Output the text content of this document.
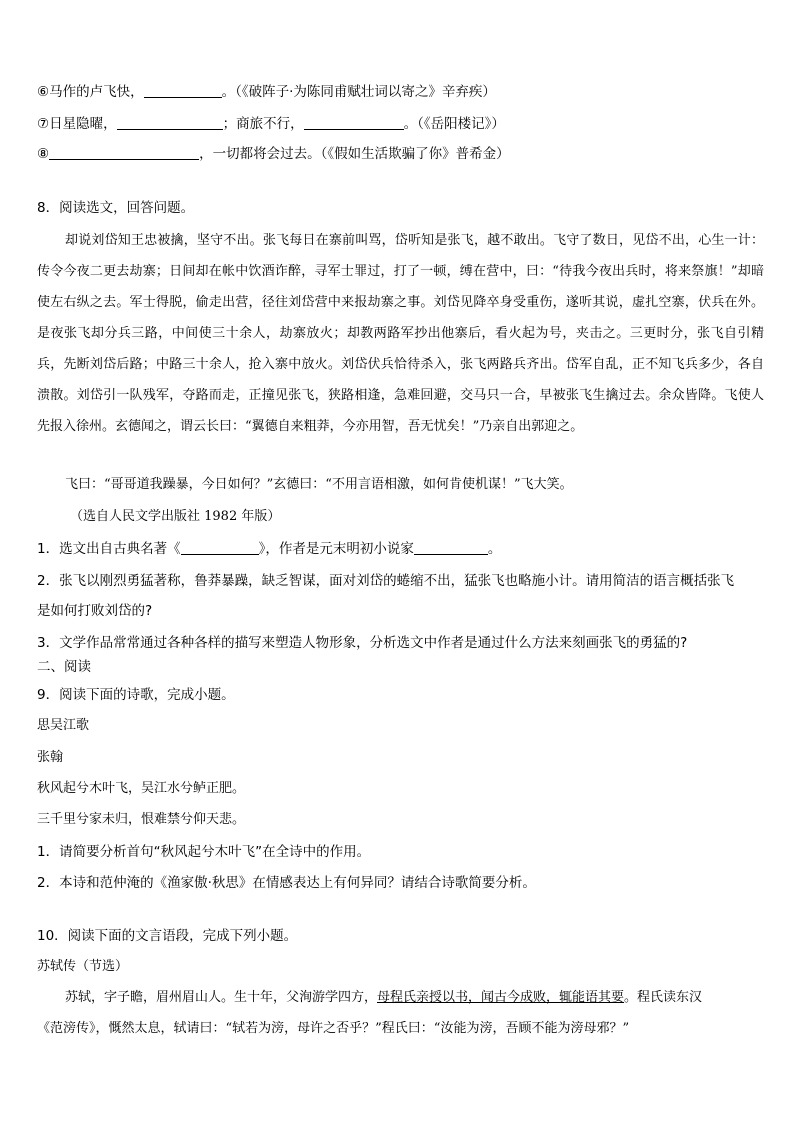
⑥马作的卢飞快，	。（《破阵子·为陈同甫赋壮词以寄之》辛弃疾）
⑦日星隐曜，	；商旅不行，	。（《岳阳楼记》）
⑧	，一切都将会过去。（《假如生活欺骗了你》普希金）
8．阅读选文，回答问题。
却说刘岱知王忠被擒，坚守不出。张飞每日在寨前叫骂，岱听知是张飞，越不敢出。飞守了数日，见岱不出，心生一计：传令今夜二更去劫寨；日间却在帐中饮酒诈醉，寻军士罪过，打了一顿，缚在营中，曰：“待我今夜出兵时，将来祭旗！”却暗使左右纵之去。军士得脱，偷走出营，径往刘岱营中来报劫寨之事。刘岱见降卒身受重伤，遂听其说，虚扎空寨，伏兵在外。是夜张飞却分兵三路，中间使三十余人，劫寨放火；却教两路军抄出他寨后，看火起为号，夹击之。三更时分，张飞自引精兵，先断刘岱后路；中路三十余人，抢入寨中放火。刘岱伏兵恰待杀入，张飞两路兵齐出。岱军自乱，正不知飞兵多少，各自溃散。刘岱引一队残军，夺路而走，正撞见张飞，狭路相逢，急难回避，交马只一合，早被张飞生擒过去。余众皆降。飞使人先报入徐州。玄德闻之，谓云长曰：“翼德自来粗莽，今亦用智，吾无忧矣！”乃亲自出郭迎之。
飞曰：“哥哥道我躁暴，今日如何？”玄德曰：“不用言语相激，如何肯使机谋！”飞大笑。
（选自人民文学出版社 1982 年版）
1．选文出自古典名著《	》，作者是元末明初小说家	。
2．张飞以刚烈勇猛著称，鲁莽暴躁，缺乏智谋，面对刘岱的蜷缩不出，猛张飞也略施小计。请用简洁的语言概括张飞
是如何打败刘岱的?
3．文学作品常常通过各种各样的描写来塑造人物形象，分析选文中作者是通过什么方法来刻画张飞的勇猛的?
二、阅读
9．阅读下面的诗歌，完成小题。
思吴江歌
张翰
秋风起兮木叶飞，吴江水兮鲈正肥。
三千里兮家未归，恨难禁兮仰天悲。
1．请简要分析首句“秋风起兮木叶飞”在全诗中的作用。
2．本诗和范仲淹的《渔家傲·秋思》在情感表达上有何异同？请结合诗歌简要分析。
10．阅读下面的文言语段，完成下列小题。
苏轼传（节选）
苏轼，字子瞻，眉州眉山人。生十年，父洵游学四方，母程氏亲授以书，闻古今成败，辄能语其要。程氏读东汉
《范滂传》，慨然太息，轼请曰：“轼若为滂，母许之否乎？”程氏曰：“汝能为滂，吾顾不能为滂母邪？”
